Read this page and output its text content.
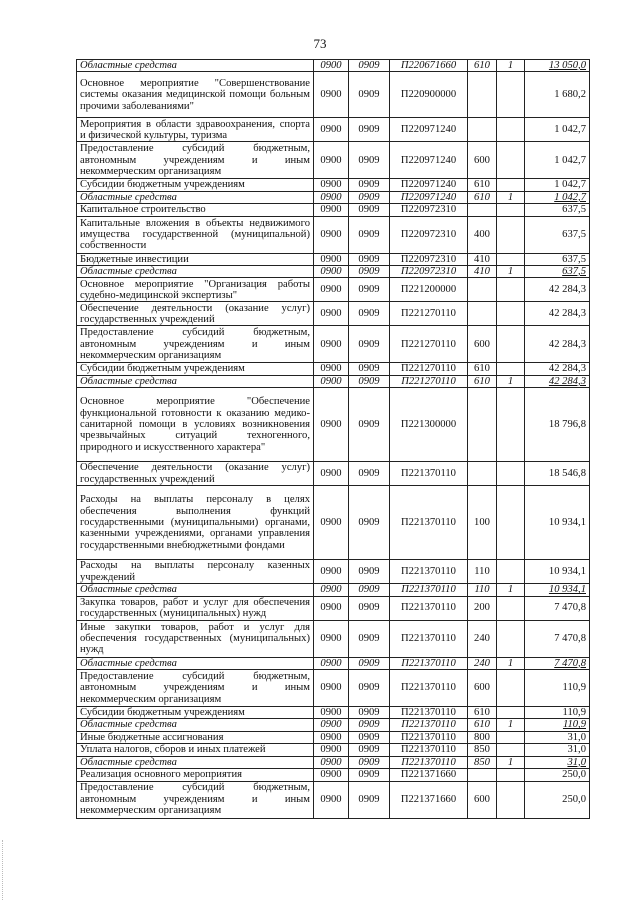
73
Областные средства	0900	0909	П220671660	610	1	13 050,0
Основное мероприятие "Совершенствование системы оказания медицинской помощи больным прочими заболеваниями"	0900	0909	П220900000			1 680,2
Мероприятия в области здравоохранения, спорта и физической культуры, туризма	0900	0909	П220971240			1 042,7
Предоставление субсидий бюджетным, автономным учреждениям и иным некоммерческим организациям	0900	0909	П220971240	600		1 042,7
Субсидии бюджетным учреждениям	0900	0909	П220971240	610		1 042,7
Областные средства	0900	0909	П220971240	610	1	1 042,7
Капитальное строительство	0900	0909	П220972310			637,5
Капитальные вложения в объекты недвижимого имущества государственной (муниципальной) собственности	0900	0909	П220972310	400		637,5
Бюджетные инвестиции	0900	0909	П220972310	410		637,5
Областные средства	0900	0909	П220972310	410	1	637,5
Основное мероприятие "Организация работы судебно-медицинской экспертизы"	0900	0909	П221200000			42 284,3
Обеспечение деятельности (оказание услуг) государственных учреждений	0900	0909	П221270110			42 284,3
Предоставление субсидий бюджетным, автономным учреждениям и иным некоммерческим организациям	0900	0909	П221270110	600		42 284,3
Субсидии бюджетным учреждениям	0900	0909	П221270110	610		42 284,3
Областные средства	0900	0909	П221270110	610	1	42 284,3
Основное мероприятие "Обеспечение функциональной готовности к оказанию медико-санитарной помощи в условиях возникновения чрезвычайных ситуаций техногенного, природного и искусственного характера"	0900	0909	П221300000			18 796,8
Обеспечение деятельности (оказание услуг) государственных учреждений	0900	0909	П221370110			18 546,8
Расходы на выплаты персоналу в целях обеспечения выполнения функций государственными (муниципальными) органами, казенными учреждениями, органами управления государственными внебюджетными фондами	0900	0909	П221370110	100		10 934,1
Расходы на выплаты персоналу казенных учреждений	0900	0909	П221370110	110		10 934,1
Областные средства	0900	0909	П221370110	110	1	10 934,1
Закупка товаров, работ и услуг для обеспечения государственных (муниципальных) нужд	0900	0909	П221370110	200		7 470,8
Иные закупки товаров, работ и услуг для обеспечения государственных (муниципальных) нужд	0900	0909	П221370110	240		7 470,8
Областные средства	0900	0909	П221370110	240	1	7 470,8
Предоставление субсидий бюджетным, автономным учреждениям и иным некоммерческим организациям	0900	0909	П221370110	600		110,9
Субсидии бюджетным учреждениям	0900	0909	П221370110	610		110,9
Областные средства	0900	0909	П221370110	610	1	110,9
Иные бюджетные ассигнования	0900	0909	П221370110	800		31,0
Уплата налогов, сборов и иных платежей	0900	0909	П221370110	850		31,0
Областные средства	0900	0909	П221370110	850	1	31,0
Реализация основного мероприятия	0900	0909	П221371660			250,0
Предоставление субсидий бюджетным, автономным учреждениям и иным некоммерческим организациям	0900	0909	П221371660	600		250,0
